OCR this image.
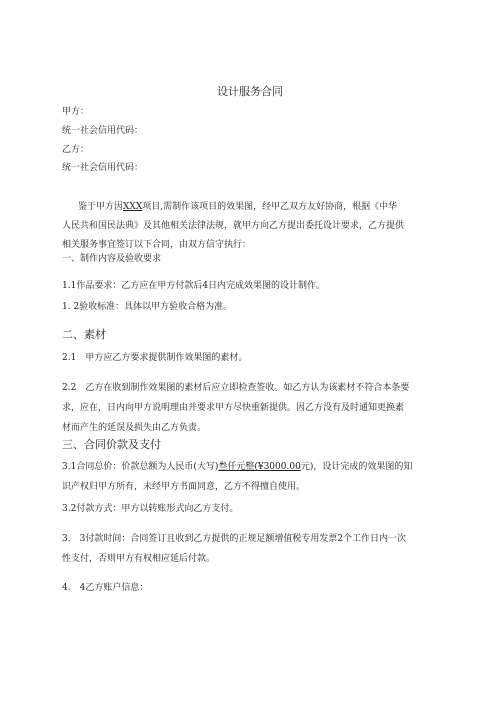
设计服务合同
甲方：
统一社会信用代码：
乙方：
统一社会信用代码：
鉴于甲方因XXX项目,需制作该项目的效果图，经甲乙双方友好协商，根据《中华
人民共和国民法典》及其他相关法律法规，就甲方向乙方提出委托设计要求，乙方提供
相关服务事宜签订以下合同，由双方信守执行：
一、制作内容及验收要求
1.1作品要求：乙方应在甲方付款后4日内完成效果图的设计制作。
1. 2验收标准：具体以甲方验收合格为准。
二、素材
2.1　甲方应乙方要求提供制作效果图的素材。
2.2　乙方在收到制作效果图的素材后应立即检查签收。如乙方认为该素材不符合本条要
求，应在，日内向甲方说明理由并要求甲方尽快重新提供。因乙方没有及时通知更换素
材而产生的延误及损失由乙方负责。
三、合同价款及支付
3.1合同总价：价款总额为人民币(大写)叁仟元整(¥3000.00元)，设计完成的效果图的知
识产权归甲方所有，未经甲方书面同意，乙方不得擅自使用。
3.2付款方式：甲方以转账形式向乙方支付。
3.　3付款时间：合同签订且收到乙方提供的正规足额增值税专用发票2个工作日内一次
性支付，否则甲方有权相应延后付款。
4.　4乙方账户信息：
